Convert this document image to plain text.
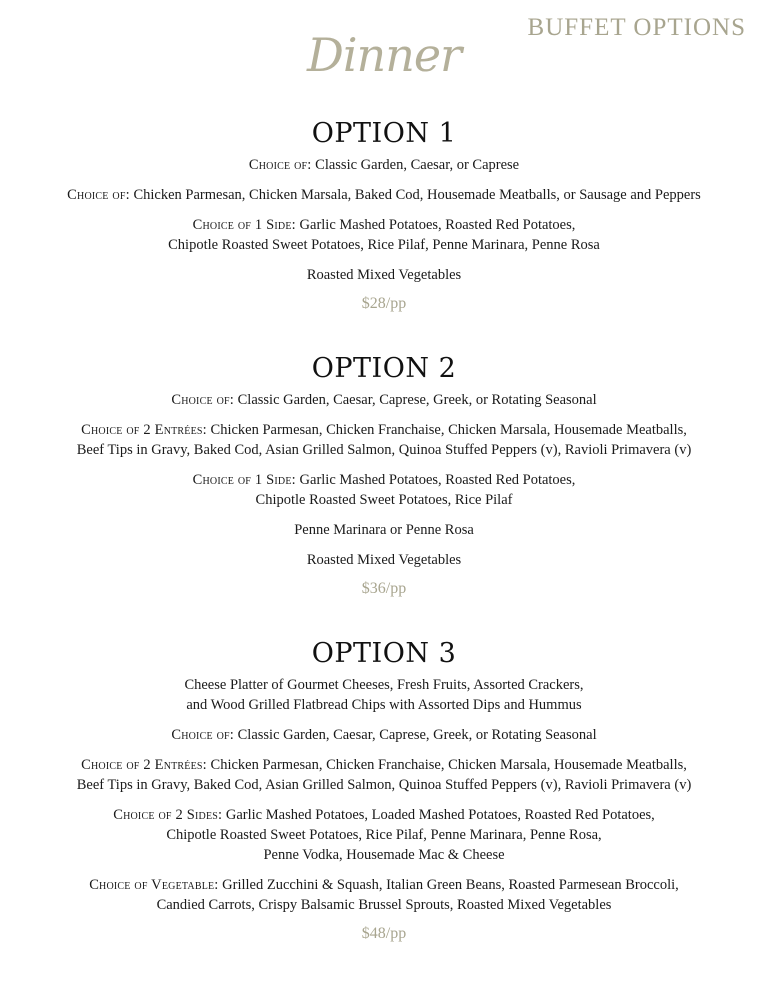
BUFFET OPTIONS
Dinner
OPTION 1
Choice of: Classic Garden, Caesar, or Caprese
Choice of: Chicken Parmesan, Chicken Marsala, Baked Cod, Housemade Meatballs, or Sausage and Peppers
Choice of 1 Side: Garlic Mashed Potatoes, Roasted Red Potatoes,
Chipotle Roasted Sweet Potatoes, Rice Pilaf, Penne Marinara, Penne Rosa
Roasted Mixed Vegetables
$28/pp
OPTION 2
Choice of: Classic Garden, Caesar, Caprese, Greek, or Rotating Seasonal
Choice of 2 Entrées: Chicken Parmesan, Chicken Franchaise, Chicken Marsala, Housemade Meatballs,
Beef Tips in Gravy, Baked Cod, Asian Grilled Salmon, Quinoa Stuffed Peppers (v), Ravioli Primavera (v)
Choice of 1 Side: Garlic Mashed Potatoes, Roasted Red Potatoes,
Chipotle Roasted Sweet Potatoes, Rice Pilaf
Penne Marinara or Penne Rosa
Roasted Mixed Vegetables
$36/pp
OPTION 3
Cheese Platter of Gourmet Cheeses, Fresh Fruits, Assorted Crackers,
and Wood Grilled Flatbread Chips with Assorted Dips and Hummus
Choice of: Classic Garden, Caesar, Caprese, Greek, or Rotating Seasonal
Choice of 2 Entrées: Chicken Parmesan, Chicken Franchaise, Chicken Marsala, Housemade Meatballs,
Beef Tips in Gravy, Baked Cod, Asian Grilled Salmon, Quinoa Stuffed Peppers (v), Ravioli Primavera (v)
Choice of 2 Sides: Garlic Mashed Potatoes, Loaded Mashed Potatoes, Roasted Red Potatoes,
Chipotle Roasted Sweet Potatoes, Rice Pilaf, Penne Marinara, Penne Rosa,
Penne Vodka, Housemade Mac & Cheese
Choice of Vegetable: Grilled Zucchini & Squash, Italian Green Beans, Roasted Parmesean Broccoli,
Candied Carrots, Crispy Balsamic Brussel Sprouts, Roasted Mixed Vegetables
$48/pp
